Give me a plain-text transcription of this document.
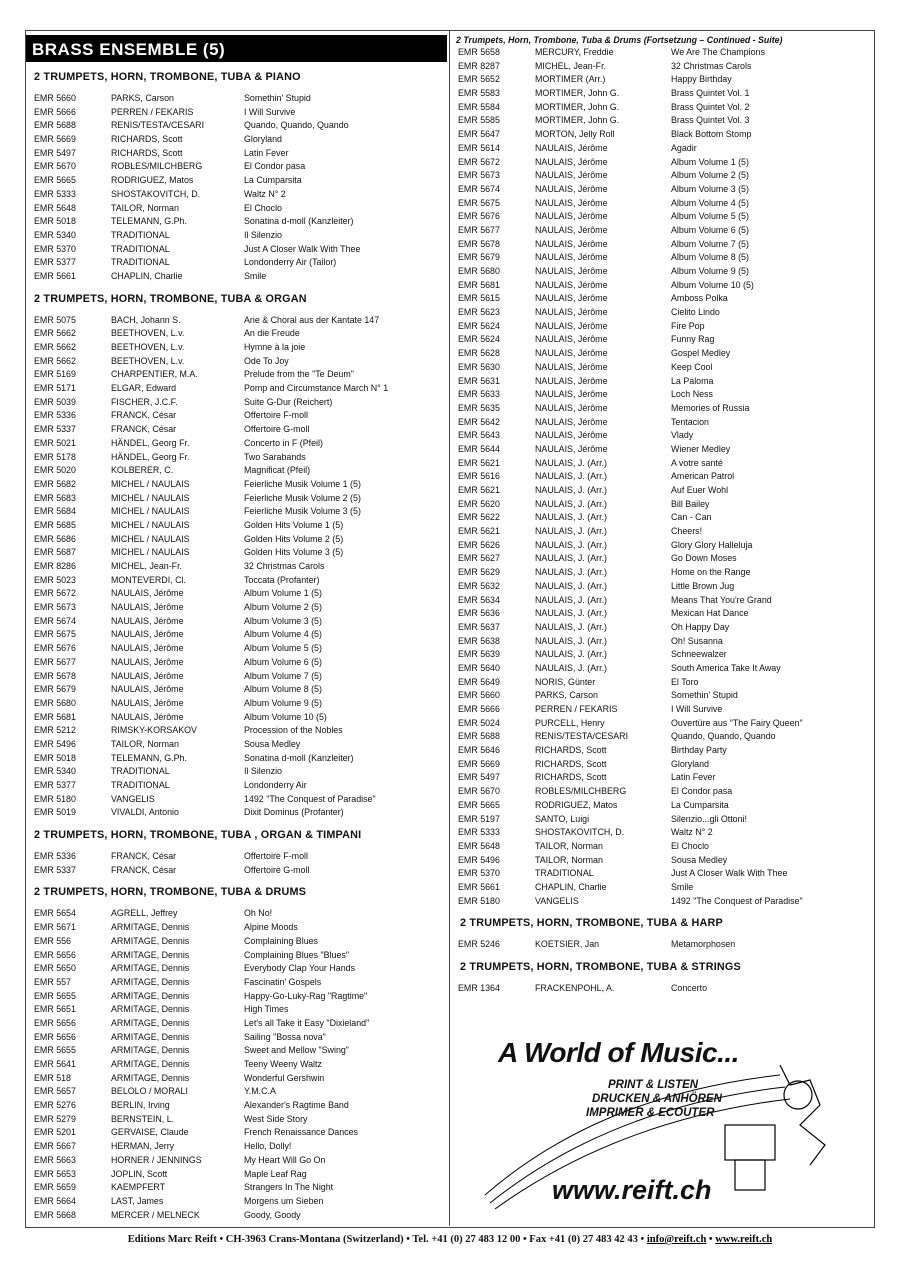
BRASS ENSEMBLE (5)
2 TRUMPETS, HORN, TROMBONE, TUBA & PIANO
EMR 5660	PARKS, Carson	Somethin' Stupid
EMR 5666	PERREN / FEKARIS	I Will Survive
EMR 5688	RENIS/TESTA/CESARI	Quando, Quando, Quando
EMR 5669	RICHARDS, Scott	Gloryland
EMR 5497	RICHARDS, Scott	Latin Fever
EMR 5670	ROBLES/MILCHBERG	El Condor pasa
EMR 5665	RODRIGUEZ, Matos	La Cumparsita
EMR 5333	SHOSTAKOVITCH, D.	Waltz N° 2
EMR 5648	TAILOR, Norman	El Choclo
EMR 5018	TELEMANN, G.Ph.	Sonatina d-moll (Kanzleiter)
EMR 5340	TRADITIONAL	Il Silenzio
EMR 5370	TRADITIONAL	Just A Closer Walk With Thee
EMR 5377	TRADITIONAL	Londonderry Air (Tailor)
EMR 5661	CHAPLIN, Charlie	Smile
2 TRUMPETS, HORN, TROMBONE, TUBA & ORGAN
EMR 5075	BACH, Johann S.	Arie & Choral aus der Kantate 147
EMR 5662	BEETHOVEN, L.v.	An die Freude
EMR 5662	BEETHOVEN, L.v.	Hymne à la joie
EMR 5662	BEETHOVEN, L.v.	Ode To Joy
EMR 5169	CHARPENTIER, M.A.	Prelude from the "Te Deum"
EMR 5171	ELGAR, Edward	Pomp and Circumstance March N° 1
EMR 5039	FISCHER, J.C.F.	Suite G-Dur (Reichert)
EMR 5336	FRANCK, César	Offertoire F-moll
EMR 5337	FRANCK, César	Offertoire G-moll
EMR 5021	HÄNDEL, Georg Fr.	Concerto in F (Pfeil)
EMR 5178	HÄNDEL, Georg Fr.	Two Sarabands
EMR 5020	KOLBERER, C.	Magnificat (Pfeil)
EMR 5682	MICHEL / NAULAIS	Feierliche Musik Volume 1 (5)
EMR 5683	MICHEL / NAULAIS	Feierliche Musik Volume 2 (5)
EMR 5684	MICHEL / NAULAIS	Feierliche Musik Volume 3 (5)
EMR 5685	MICHEL / NAULAIS	Golden Hits Volume 1 (5)
EMR 5686	MICHEL / NAULAIS	Golden Hits Volume 2 (5)
EMR 5687	MICHEL / NAULAIS	Golden Hits Volume 3 (5)
EMR 8286	MICHEL, Jean-Fr.	32 Christmas Carols
EMR 5023	MONTEVERDI, Cl.	Toccata (Profanter)
EMR 5672	NAULAIS, Jérôme	Album Volume 1 (5)
EMR 5673	NAULAIS, Jérôme	Album Volume 2 (5)
EMR 5674	NAULAIS, Jérôme	Album Volume 3 (5)
EMR 5675	NAULAIS, Jérôme	Album Volume 4 (5)
EMR 5676	NAULAIS, Jérôme	Album Volume 5 (5)
EMR 5677	NAULAIS, Jérôme	Album Volume 6 (5)
EMR 5678	NAULAIS, Jérôme	Album Volume 7 (5)
EMR 5679	NAULAIS, Jérôme	Album Volume 8 (5)
EMR 5680	NAULAIS, Jérôme	Album Volume 9 (5)
EMR 5681	NAULAIS, Jérôme	Album Volume 10 (5)
EMR 5212	RIMSKY-KORSAKOV	Procession of the Nobles
EMR 5496	TAILOR, Norman	Sousa Medley
EMR 5018	TELEMANN, G.Ph.	Sonatina d-moll (Kanzleiter)
EMR 5340	TRADITIONAL	Il Silenzio
EMR 5377	TRADITIONAL	Londonderry Air
EMR 5180	VANGELIS	1492 "The Conquest of Paradise"
EMR 5019	VIVALDI, Antonio	Dixit Dominus (Profanter)
2 TRUMPETS, HORN, TROMBONE, TUBA , ORGAN & TIMPANI
EMR 5336	FRANCK, César	Offertoire F-moll
EMR 5337	FRANCK, César	Offertoire G-moll
2 TRUMPETS, HORN, TROMBONE, TUBA & DRUMS
EMR 5654	AGRELL, Jeffrey	Oh No!
EMR 5671	ARMITAGE, Dennis	Alpine Moods
EMR 556	ARMITAGE, Dennis	Complaining Blues
EMR 5656	ARMITAGE, Dennis	Complaining Blues "Blues"
EMR 5650	ARMITAGE, Dennis	Everybody Clap Your Hands
EMR 557	ARMITAGE, Dennis	Fascinatin' Gospels
EMR 5655	ARMITAGE, Dennis	Happy-Go-Luky-Rag "Ragtime"
EMR 5651	ARMITAGE, Dennis	High Times
EMR 5656	ARMITAGE, Dennis	Let's all Take it Easy "Dixieland"
EMR 5656	ARMITAGE, Dennis	Sailing "Bossa nova"
EMR 5655	ARMITAGE, Dennis	Sweet and Mellow "Swing"
EMR 5641	ARMITAGE, Dennis	Teeny Weeny Waltz
EMR 518	ARMITAGE, Dennis	Wonderful Gershwin
EMR 5657	BELOLO / MORALI	Y.M.C.A
EMR 5276	BERLIN, Irving	Alexander's Ragtime Band
EMR 5279	BERNSTEIN, L.	West Side Story
EMR 5201	GERVAISE, Claude	French Renaissance Dances
EMR 5667	HERMAN, Jerry	Hello, Dolly!
EMR 5663	HORNER / JENNINGS	My Heart Will Go On
EMR 5653	JOPLIN, Scott	Maple Leaf Rag
EMR 5659	KAEMPFERT	Strangers In The Night
EMR 5664	LAST, James	Morgens um Sieben
EMR 5668	MERCER / MELNECK	Goody, Goody
2 Trumpets, Horn, Trombone, Tuba & Drums (Fortsetzung – Continued - Suite)
EMR 5658	MERCURY, Freddie	We Are The Champions
EMR 8287	MICHEL, Jean-Fr.	32 Christmas Carols
EMR 5652	MORTIMER (Arr.)	Happy Birthday
EMR 5583	MORTIMER, John G.	Brass Quintet Vol. 1
EMR 5584	MORTIMER, John G.	Brass Quintet Vol. 2
EMR 5585	MORTIMER, John G.	Brass Quintet Vol. 3
EMR 5647	MORTON, Jelly Roll	Black Bottom Stomp
EMR 5614	NAULAIS, Jérôme	Agadir
EMR 5672	NAULAIS, Jérôme	Album Volume 1 (5)
EMR 5673	NAULAIS, Jérôme	Album Volume 2 (5)
EMR 5674	NAULAIS, Jérôme	Album Volume 3 (5)
EMR 5675	NAULAIS, Jérôme	Album Volume 4 (5)
EMR 5676	NAULAIS, Jérôme	Album Volume 5 (5)
EMR 5677	NAULAIS, Jérôme	Album Volume 6 (5)
EMR 5678	NAULAIS, Jérôme	Album Volume 7 (5)
EMR 5679	NAULAIS, Jérôme	Album Volume 8 (5)
EMR 5680	NAULAIS, Jérôme	Album Volume 9 (5)
EMR 5681	NAULAIS, Jérôme	Album Volume 10 (5)
EMR 5615	NAULAIS, Jérôme	Amboss Polka
EMR 5623	NAULAIS, Jérôme	Cielito Lindo
EMR 5624	NAULAIS, Jérôme	Fire Pop
EMR 5624	NAULAIS, Jérôme	Funny Rag
EMR 5628	NAULAIS, Jérôme	Gospel Medley
EMR 5630	NAULAIS, Jérôme	Keep Cool
EMR 5631	NAULAIS, Jérôme	La Paloma
EMR 5633	NAULAIS, Jérôme	Loch Ness
EMR 5635	NAULAIS, Jérôme	Memories of Russia
EMR 5642	NAULAIS, Jérôme	Tentacion
EMR 5643	NAULAIS, Jérôme	Vlady
EMR 5644	NAULAIS, Jérôme	Wiener Medley
EMR 5621	NAULAIS, J. (Arr.)	A votre santé
EMR 5616	NAULAIS, J. (Arr.)	American Patrol
EMR 5621	NAULAIS, J. (Arr.)	Auf Euer Wohl
EMR 5620	NAULAIS, J. (Arr.)	Bill Bailey
EMR 5622	NAULAIS, J. (Arr.)	Can - Can
EMR 5621	NAULAIS, J. (Arr.)	Cheers!
EMR 5626	NAULAIS, J. (Arr.)	Glory Glory Halleluja
EMR 5627	NAULAIS, J. (Arr.)	Go Down Moses
EMR 5629	NAULAIS, J. (Arr.)	Home on the Range
EMR 5632	NAULAIS, J. (Arr.)	Little Brown Jug
EMR 5634	NAULAIS, J. (Arr.)	Means That You're Grand
EMR 5636	NAULAIS, J. (Arr.)	Mexican Hat Dance
EMR 5637	NAULAIS, J. (Arr.)	Oh Happy Day
EMR 5638	NAULAIS, J. (Arr.)	Oh! Susanna
EMR 5639	NAULAIS, J. (Arr.)	Schneewalzer
EMR 5640	NAULAIS, J. (Arr.)	South America Take It Away
EMR 5649	NORIS, Günter	El Toro
EMR 5660	PARKS, Carson	Somethin' Stupid
EMR 5666	PERREN / FEKARIS	I Will Survive
EMR 5024	PURCELL, Henry	Ouvertüre aus "The Fairy Queen"
EMR 5688	RENIS/TESTA/CESARI	Quando, Quando, Quando
EMR 5646	RICHARDS, Scott	Birthday Party
EMR 5669	RICHARDS, Scott	Gloryland
EMR 5497	RICHARDS, Scott	Latin Fever
EMR 5670	ROBLES/MILCHBERG	El Condor pasa
EMR 5665	RODRIGUEZ, Matos	La Cumparsita
EMR 5197	SANTO, Luigi	Silenzio...gli Ottoni!
EMR 5333	SHOSTAKOVITCH, D.	Waltz N° 2
EMR 5648	TAILOR, Norman	El Choclo
EMR 5496	TAILOR, Norman	Sousa Medley
EMR 5370	TRADITIONAL	Just A Closer Walk With Thee
EMR 5661	CHAPLIN, Charlie	Smile
EMR 5180	VANGELIS	1492 "The Conquest of Paradise"
2 TRUMPETS, HORN, TROMBONE, TUBA & HARP
EMR 5246	KOETSIER, Jan	Metamorphosen
2 TRUMPETS, HORN, TROMBONE, TUBA & STRINGS
EMR 1364	FRACKENPOHL, A.	Concerto
A World of Music...
PRINT & LISTEN
DRUCKEN & ANHÖREN
IMPRIMER & ECOUTER
www.reift.ch
Editions Marc Reift • CH-3963 Crans-Montana (Switzerland) • Tel. +41 (0) 27 483 12 00 • Fax +41 (0) 27 483 42 43 • info@reift.ch • www.reift.ch
